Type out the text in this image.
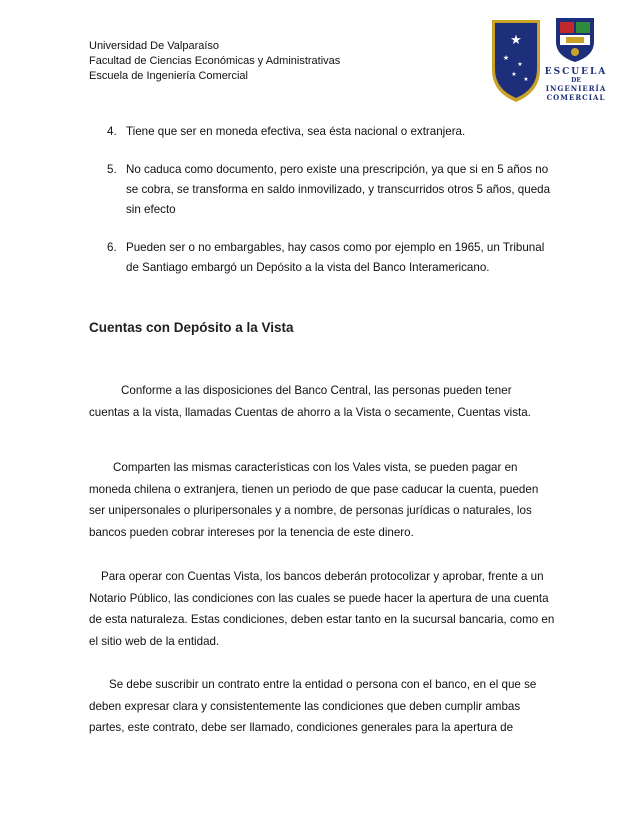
Universidad De Valparaíso
Facultad de Ciencias Económicas y Administrativas
Escuela de Ingeniería Comercial
★
★
★
★
★
ESCUELA
DE
INGENIERÍA
COMERCIAL
4. Tiene que ser en moneda efectiva, sea ésta nacional o extranjera.
5. No caduca como documento, pero existe una prescripción, ya que si en 5 años no se cobra, se transforma en saldo inmovilizado, y transcurridos otros 5 años, queda sin efecto
6. Pueden ser o no embargables, hay casos como por ejemplo en 1965, un Tribunal de Santiago embargó un Depósito a la vista del Banco Interamericano.
Cuentas con Depósito a la Vista
Conforme a las disposiciones del Banco Central, las personas pueden tener cuentas a la vista, llamadas Cuentas de ahorro a la Vista o secamente, Cuentas vista.
Comparten las mismas características con los Vales vista, se pueden pagar en moneda chilena o extranjera, tienen un periodo de que pase caducar la cuenta, pueden ser unipersonales o pluripersonales y a nombre, de personas jurídicas o naturales, los bancos pueden cobrar intereses por la tenencia de este dinero.
Para operar con Cuentas Vista, los bancos deberán protocolizar y aprobar, frente a un Notario Público, las condiciones con las cuales se puede hacer la apertura de una cuenta de esta naturaleza. Estas condiciones, deben estar tanto en la sucursal bancaria, como en el sitio web de la entidad.
Se debe suscribir un contrato entre la entidad o persona con el banco, en el que se deben expresar clara y consistentemente las condiciones que deben cumplir ambas partes, este contrato, debe ser llamado, condiciones generales para la apertura de
